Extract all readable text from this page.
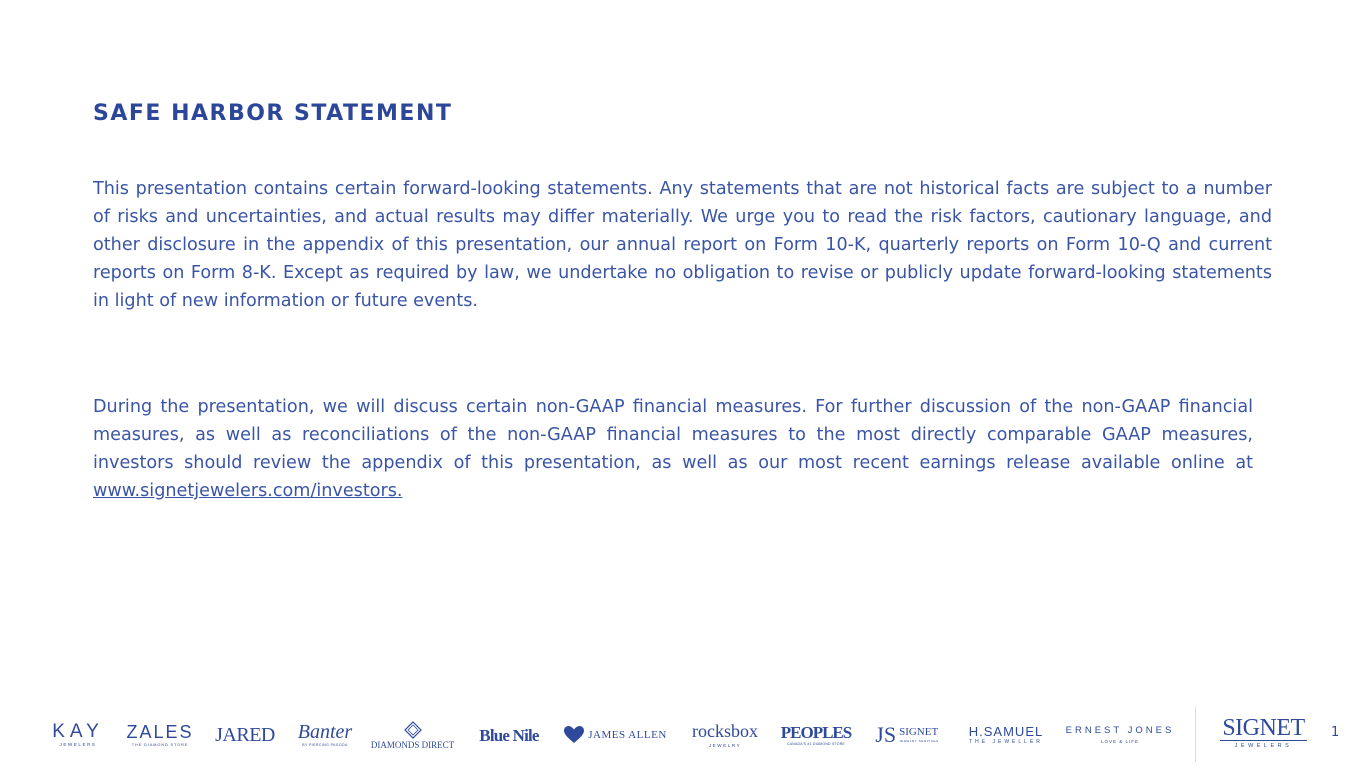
SAFE HARBOR STATEMENT

This presentation contains certain forward-looking statements. Any statements that are not historical facts are subject to a number of risks and uncertainties, and actual results may differ materially. We urge you to read the risk factors, cautionary language, and other disclosure in the appendix of this presentation, our annual report on Form 10-K, quarterly reports on Form 10-Q and current reports on Form 8-K. Except as required by law, we undertake no obligation to revise or publicly update forward-looking statements in light of new information or future events.

During the presentation, we will discuss certain non-GAAP financial measures. For further discussion of the non-GAAP financial measures, as well as reconciliations of the non-GAAP financial measures to the most directly comparable GAAP measures, investors should review the appendix of this presentation, as well as our most recent earnings release available online at www.signetjewelers.com/investors.

KAY
JEWELERS
ZALES
THE DIAMOND STORE JARED Banter
BY PIERCING PAGODA	DIAMONDS DIRECT Blue Nile	JAMES ALLEN rocksbox
JEWELRY
PEOPLES
CANADA'S #1 DIAMOND STORE JS SIGNET
JEWELRY SERVICES
H.SAMUEL
THE JEWELLER
ERNEST JONES
LOVE & LIFE	SIGNET
JEWELERS
1
